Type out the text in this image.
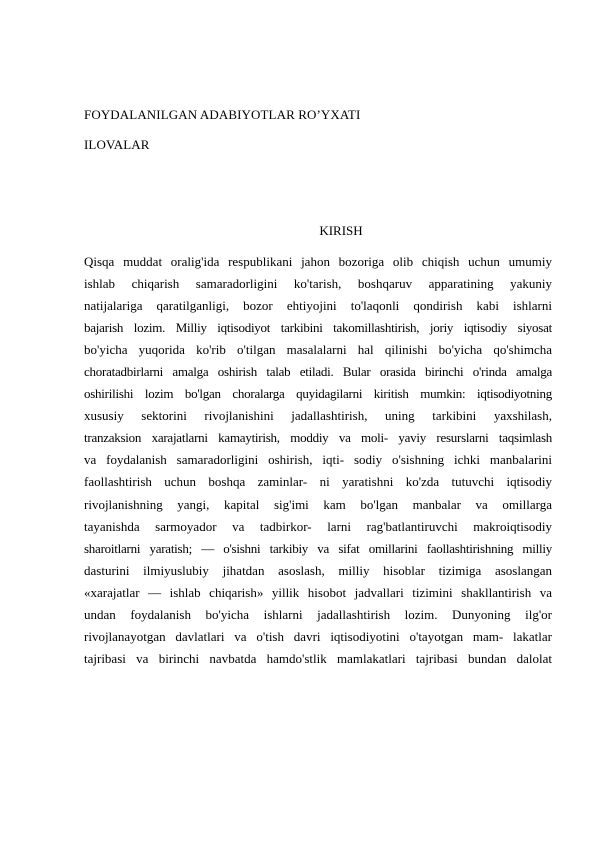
FOYDALANILGAN ADABIYOTLAR RO’YXATI
ILOVALAR
KIRISH
Qisqa muddat oralig'ida respublikani jahon bozoriga olib chiqish uchun umumiy
ishlab chiqarish samaradorligini ko'tarish, boshqaruv apparatining yakuniy
natijalariga qaratilganligi, bozor ehtiyojini to'laqonli qondirish kabi ishlarni
bajarish lozim. Milliy iqtisodiyot tarkibini takomillashtirish, joriy iqtisodiy siyosat
bo'yicha yuqorida ko'rib o'tilgan masalalarni hal qilinishi bo'yicha qo'shimcha
choratadbirlarni amalga oshirish talab etiladi. Bular orasida birinchi o'rinda amalga
oshirilishi lozim bo'lgan choralarga quyidagilarni kiritish mumkin: iqtisodiyotning
xususiy sektorini rivojlanishini jadallashtirish, uning tarkibini yaxshilash,
tranzaksion xarajatlarni kamaytirish, moddiy va moli- yaviy resurslarni taqsimlash
va foydalanish samaradorligini oshirish, iqti- sodiy o'sishning ichki manbalarini
faollashtirish uchun boshqa zaminlar- ni yaratishni ko'zda tutuvchi iqtisodiy
rivojlanishning yangi, kapital sig'imi kam bo'lgan manbalar va omillarga
tayanishda sarmoyador va tadbirkor- larni rag'batlantiruvchi makroiqtisodiy
sharoitlarni yaratish; — o'sishni tarkibiy va sifat omillarini faollashtirishning milliy
dasturini ilmiyuslubiy jihatdan asoslash, milliy hisoblar tizimiga asoslangan
«xarajatlar — ishlab chiqarish» yillik hisobot jadvallari tizimini shakllantirish va
undan foydalanish bo'yicha ishlarni jadallashtirish lozim. Dunyoning ilg'or
rivojlanayotgan davlatlari va o'tish davri iqtisodiyotini o'tayotgan mam- lakatlar
tajribasi va birinchi navbatda hamdo'stlik mamlakatlari tajribasi bundan dalolat
